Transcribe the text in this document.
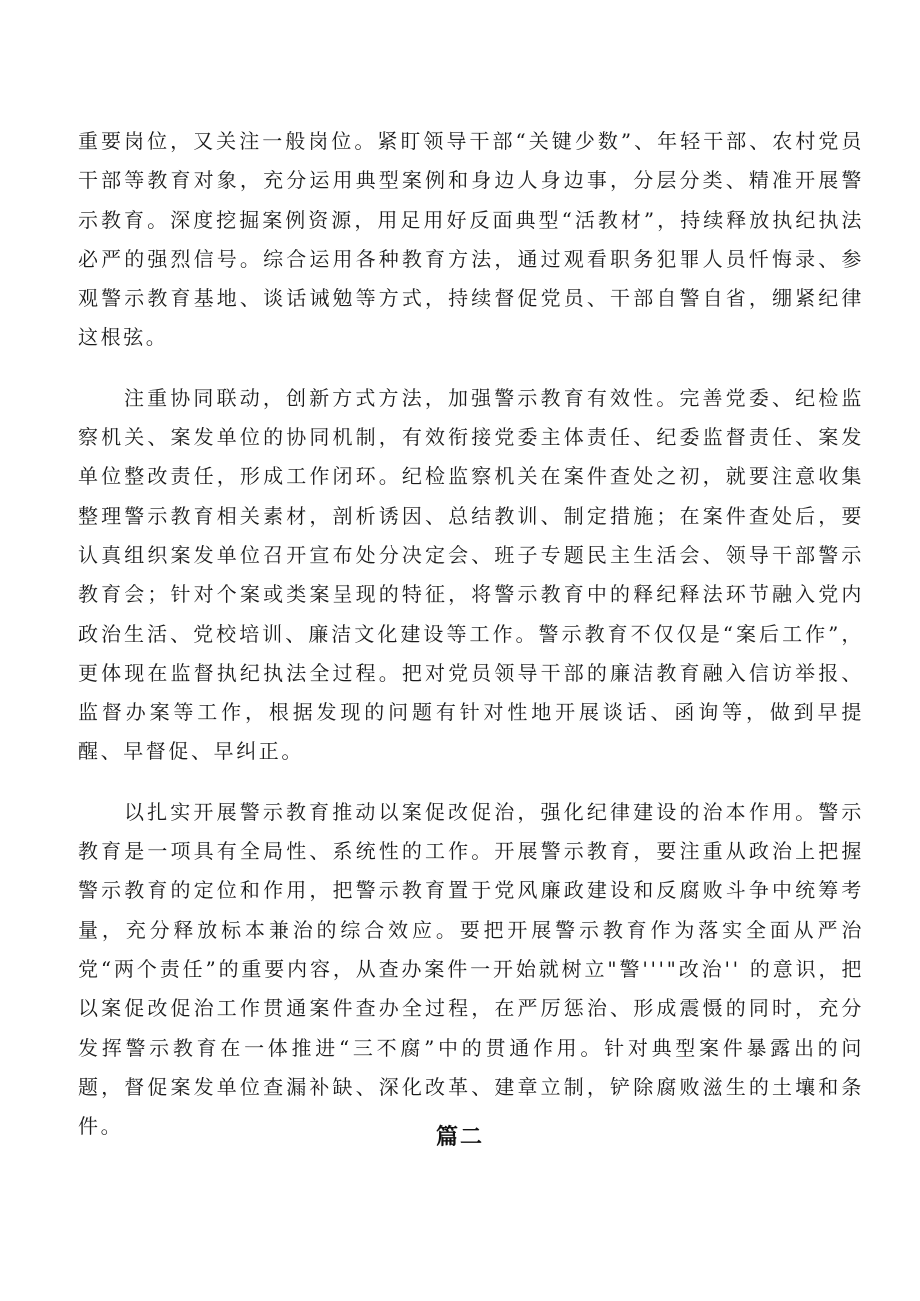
重要岗位，又关注一般岗位。紧盯领导干部“关键少数”、年轻干部、农村党员干部等教育对象，充分运用典型案例和身边人身边事，分层分类、精准开展警示教育。深度挖掘案例资源，用足用好反面典型“活教材”，持续释放执纪执法必严的强烈信号。综合运用各种教育方法，通过观看职务犯罪人员忏悔录、参观警示教育基地、谈话诫勉等方式，持续督促党员、干部自警自省，绷紧纪律这根弦。

注重协同联动，创新方式方法，加强警示教育有效性。完善党委、纪检监察机关、案发单位的协同机制，有效衔接党委主体责任、纪委监督责任、案发单位整改责任，形成工作闭环。纪检监察机关在案件查处之初，就要注意收集整理警示教育相关素材，剖析诱因、总结教训、制定措施；在案件查处后，要认真组织案发单位召开宣布处分决定会、班子专题民主生活会、领导干部警示教育会；针对个案或类案呈现的特征，将警示教育中的释纪释法环节融入党内政治生活、党校培训、廉洁文化建设等工作。警示教育不仅仅是“案后工作”，更体现在监督执纪执法全过程。把对党员领导干部的廉洁教育融入信访举报、监督办案等工作，根据发现的问题有针对性地开展谈话、函询等，做到早提醒、早督促、早纠正。

以扎实开展警示教育推动以案促改促治，强化纪律建设的治本作用。警示教育是一项具有全局性、系统性的工作。开展警示教育，要注重从政治上把握警示教育的定位和作用，把警示教育置于党风廉政建设和反腐败斗争中统筹考量，充分释放标本兼治的综合效应。要把开展警示教育作为落实全面从严治党“两个责任”的重要内容，从查办案件一开始就树立"警'''"改治'' 的意识，把以案促改促治工作贯通案件查办全过程，在严厉惩治、形成震慑的同时，充分发挥警示教育在一体推进“三不腐”中的贯通作用。针对典型案件暴露出的问题，督促案发单位查漏补缺、深化改革、建章立制，铲除腐败滋生的土壤和条件。	篇二
